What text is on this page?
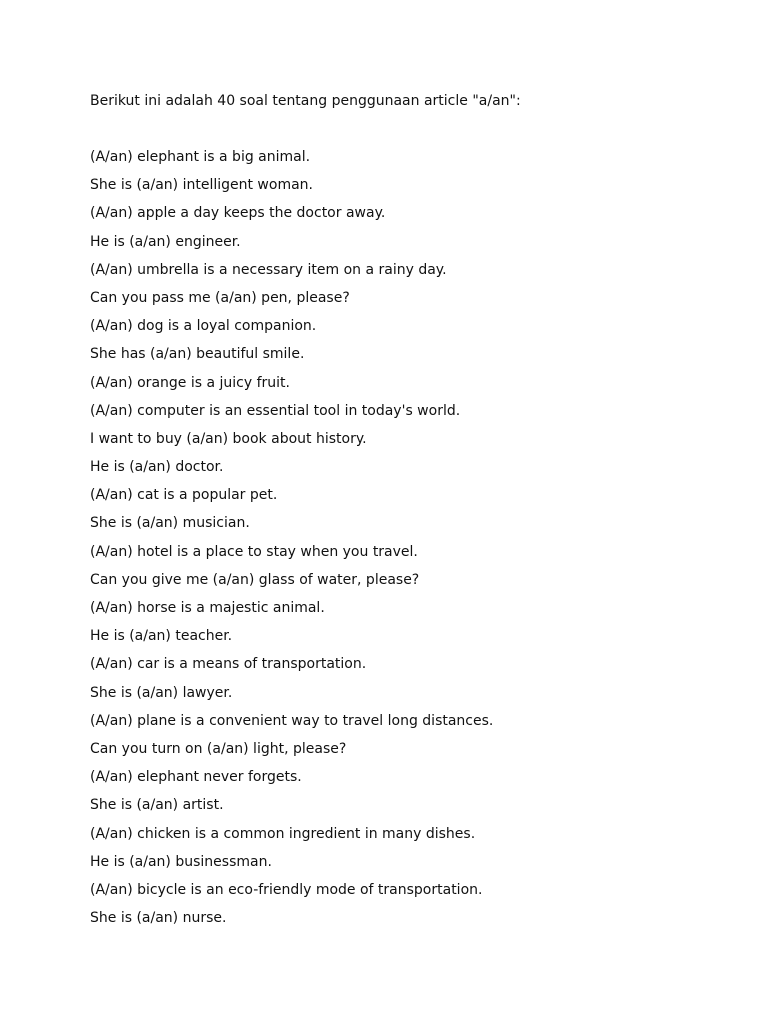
Berikut ini adalah 40 soal tentang penggunaan article "a/an":

(A/an) elephant is a big animal.
She is (a/an) intelligent woman.
(A/an) apple a day keeps the doctor away.
He is (a/an) engineer.
(A/an) umbrella is a necessary item on a rainy day.
Can you pass me (a/an) pen, please?
(A/an) dog is a loyal companion.
She has (a/an) beautiful smile.
(A/an) orange is a juicy fruit.
(A/an) computer is an essential tool in today's world.
I want to buy (a/an) book about history.
He is (a/an) doctor.
(A/an) cat is a popular pet.
She is (a/an) musician.
(A/an) hotel is a place to stay when you travel.
Can you give me (a/an) glass of water, please?
(A/an) horse is a majestic animal.
He is (a/an) teacher.
(A/an) car is a means of transportation.
She is (a/an) lawyer.
(A/an) plane is a convenient way to travel long distances.
Can you turn on (a/an) light, please?
(A/an) elephant never forgets.
She is (a/an) artist.
(A/an) chicken is a common ingredient in many dishes.
He is (a/an) businessman.
(A/an) bicycle is an eco-friendly mode of transportation.
She is (a/an) nurse.
